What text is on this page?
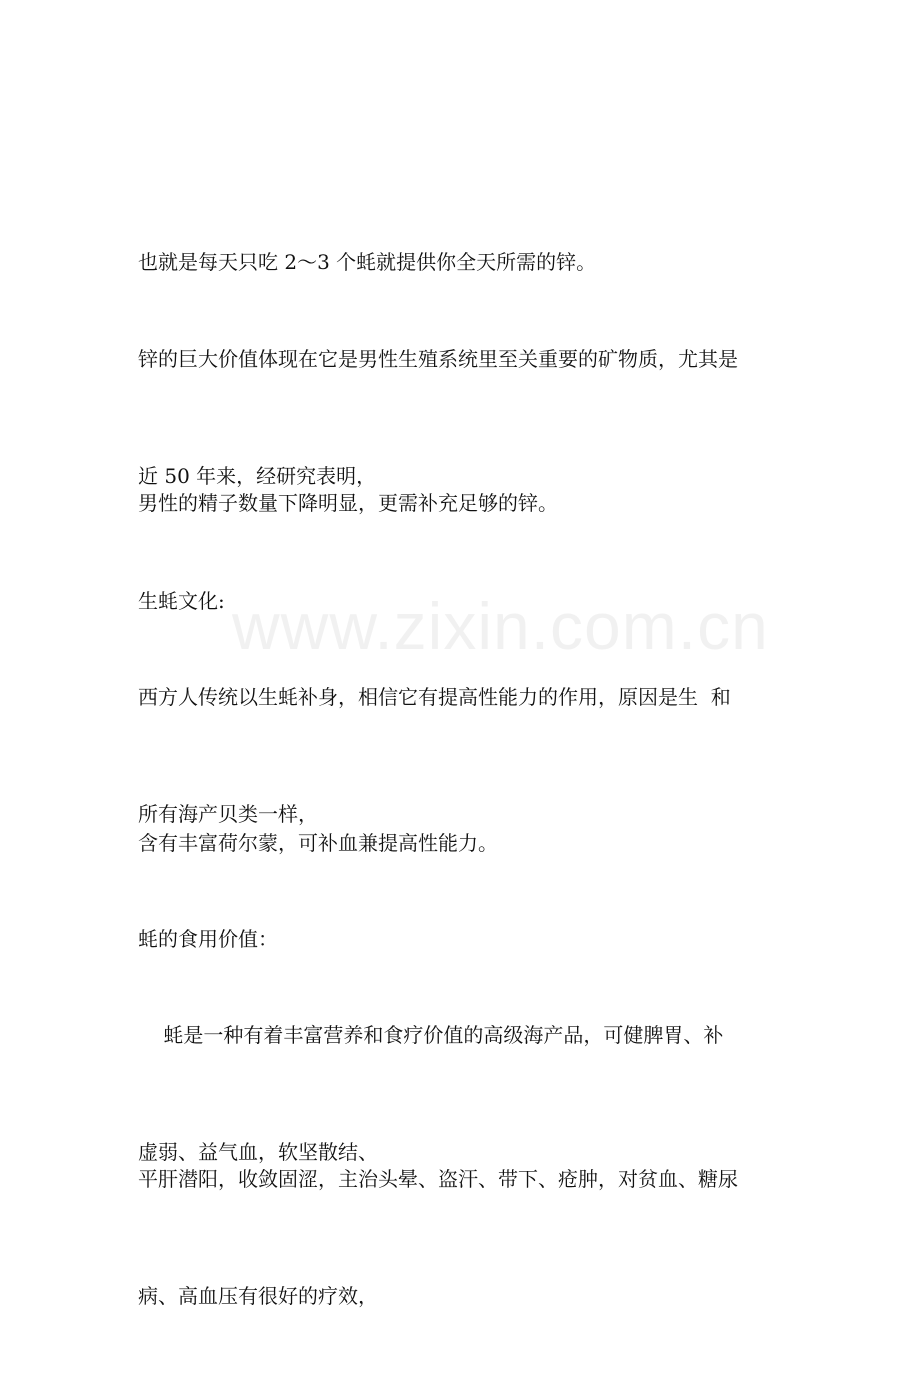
www.zixin.com.cn

也就是每天只吃 2～3 个蚝就提供你全天所需的锌。

锌的巨大价值体现在它是男性生殖系统里至关重要的矿物质，尤其是

近 50 年来，经研究表明，

男性的精子数量下降明显，更需补充足够的锌。

生蚝文化:

西方人传统以生蚝补身，相信它有提高性能力的作用，原因是生  和

所有海产贝类一样，

含有丰富荷尔蒙，可补血兼提高性能力。

蚝的食用价值：

蚝是一种有着丰富营养和食疗价值的高级海产品，可健脾胃、补

虚弱、益气血，软坚散结、

平肝潜阳，收敛固涩，主治头晕、盗汗、带下、疮肿，对贫血、糖尿

病、高血压有很好的疗效，
